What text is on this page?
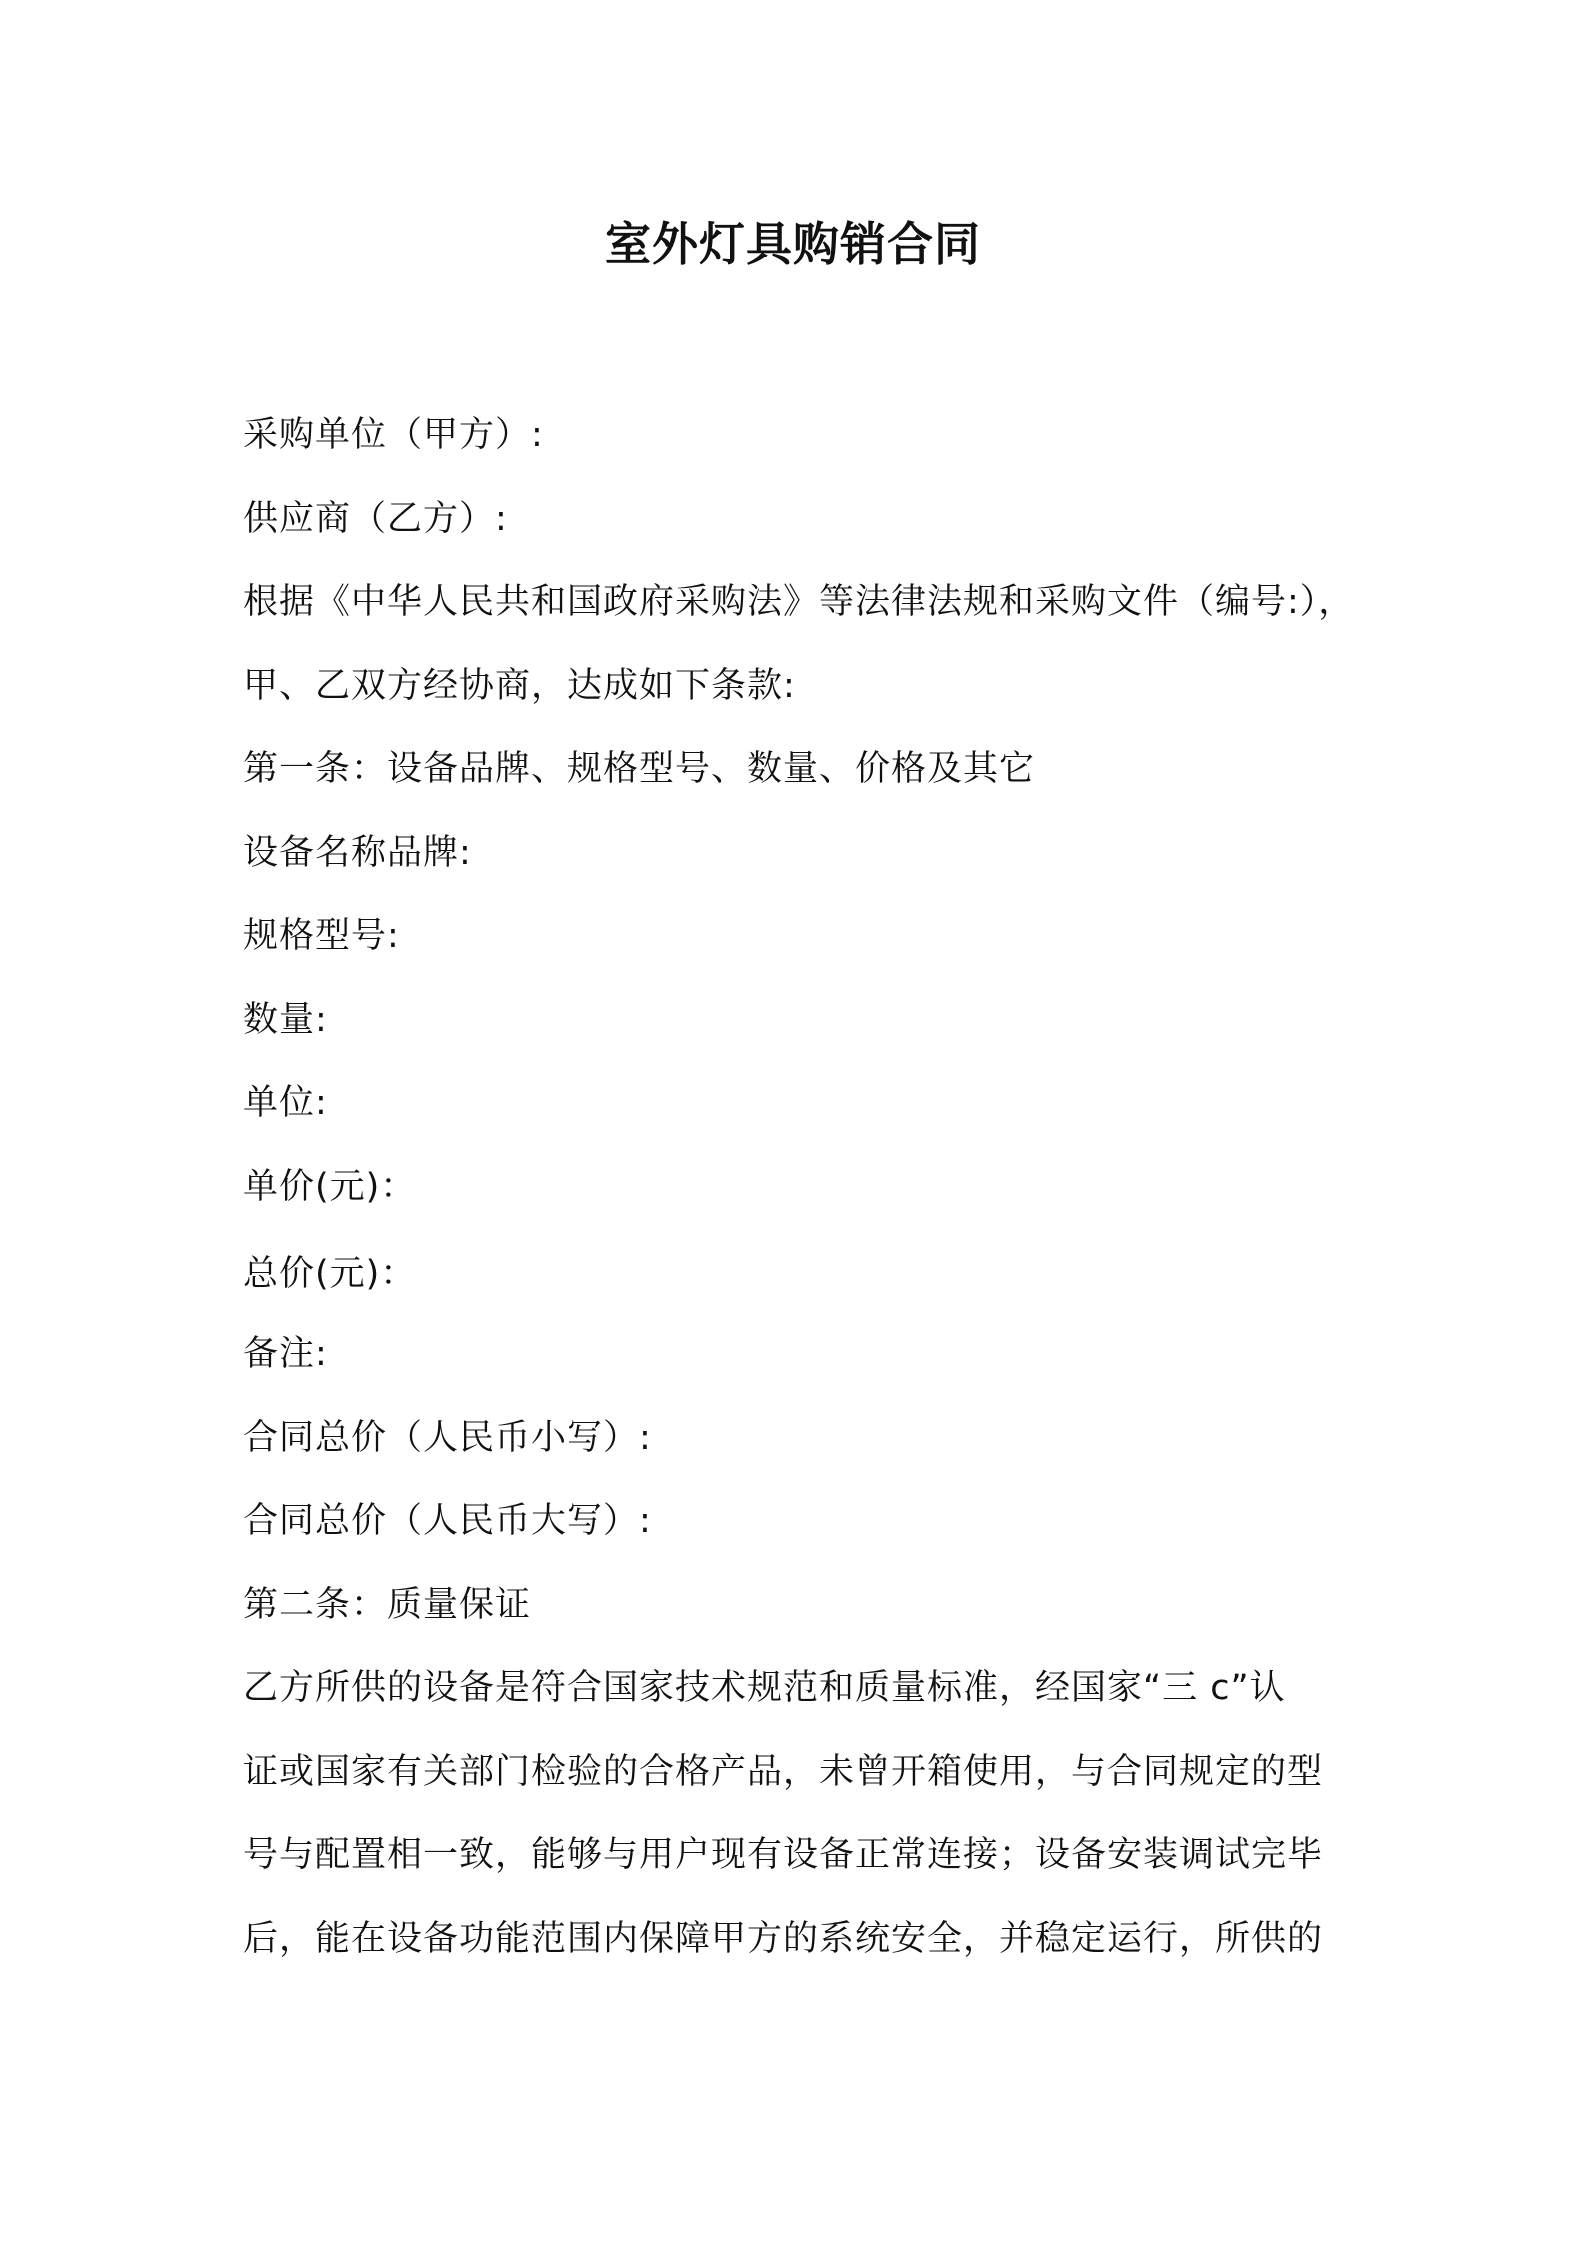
室外灯具购销合同
采购单位（甲方）:
供应商（乙方）:
根据《中华人民共和国政府采购法》等法律法规和采购文件（编号:），
甲、乙双方经协商，达成如下条款:
第一条：设备品牌、规格型号、数量、价格及其它
设备名称品牌:
规格型号:
数量:
单位:
单价(元)：
总价(元)：
备注:
合同总价（人民币小写）:
合同总价（人民币大写）:
第二条：质量保证
乙方所供的设备是符合国家技术规范和质量标准，经国家“三 c”认
证或国家有关部门检验的合格产品，未曾开箱使用，与合同规定的型
号与配置相一致，能够与用户现有设备正常连接；设备安装调试完毕
后，能在设备功能范围内保障甲方的系统安全，并稳定运行，所供的
